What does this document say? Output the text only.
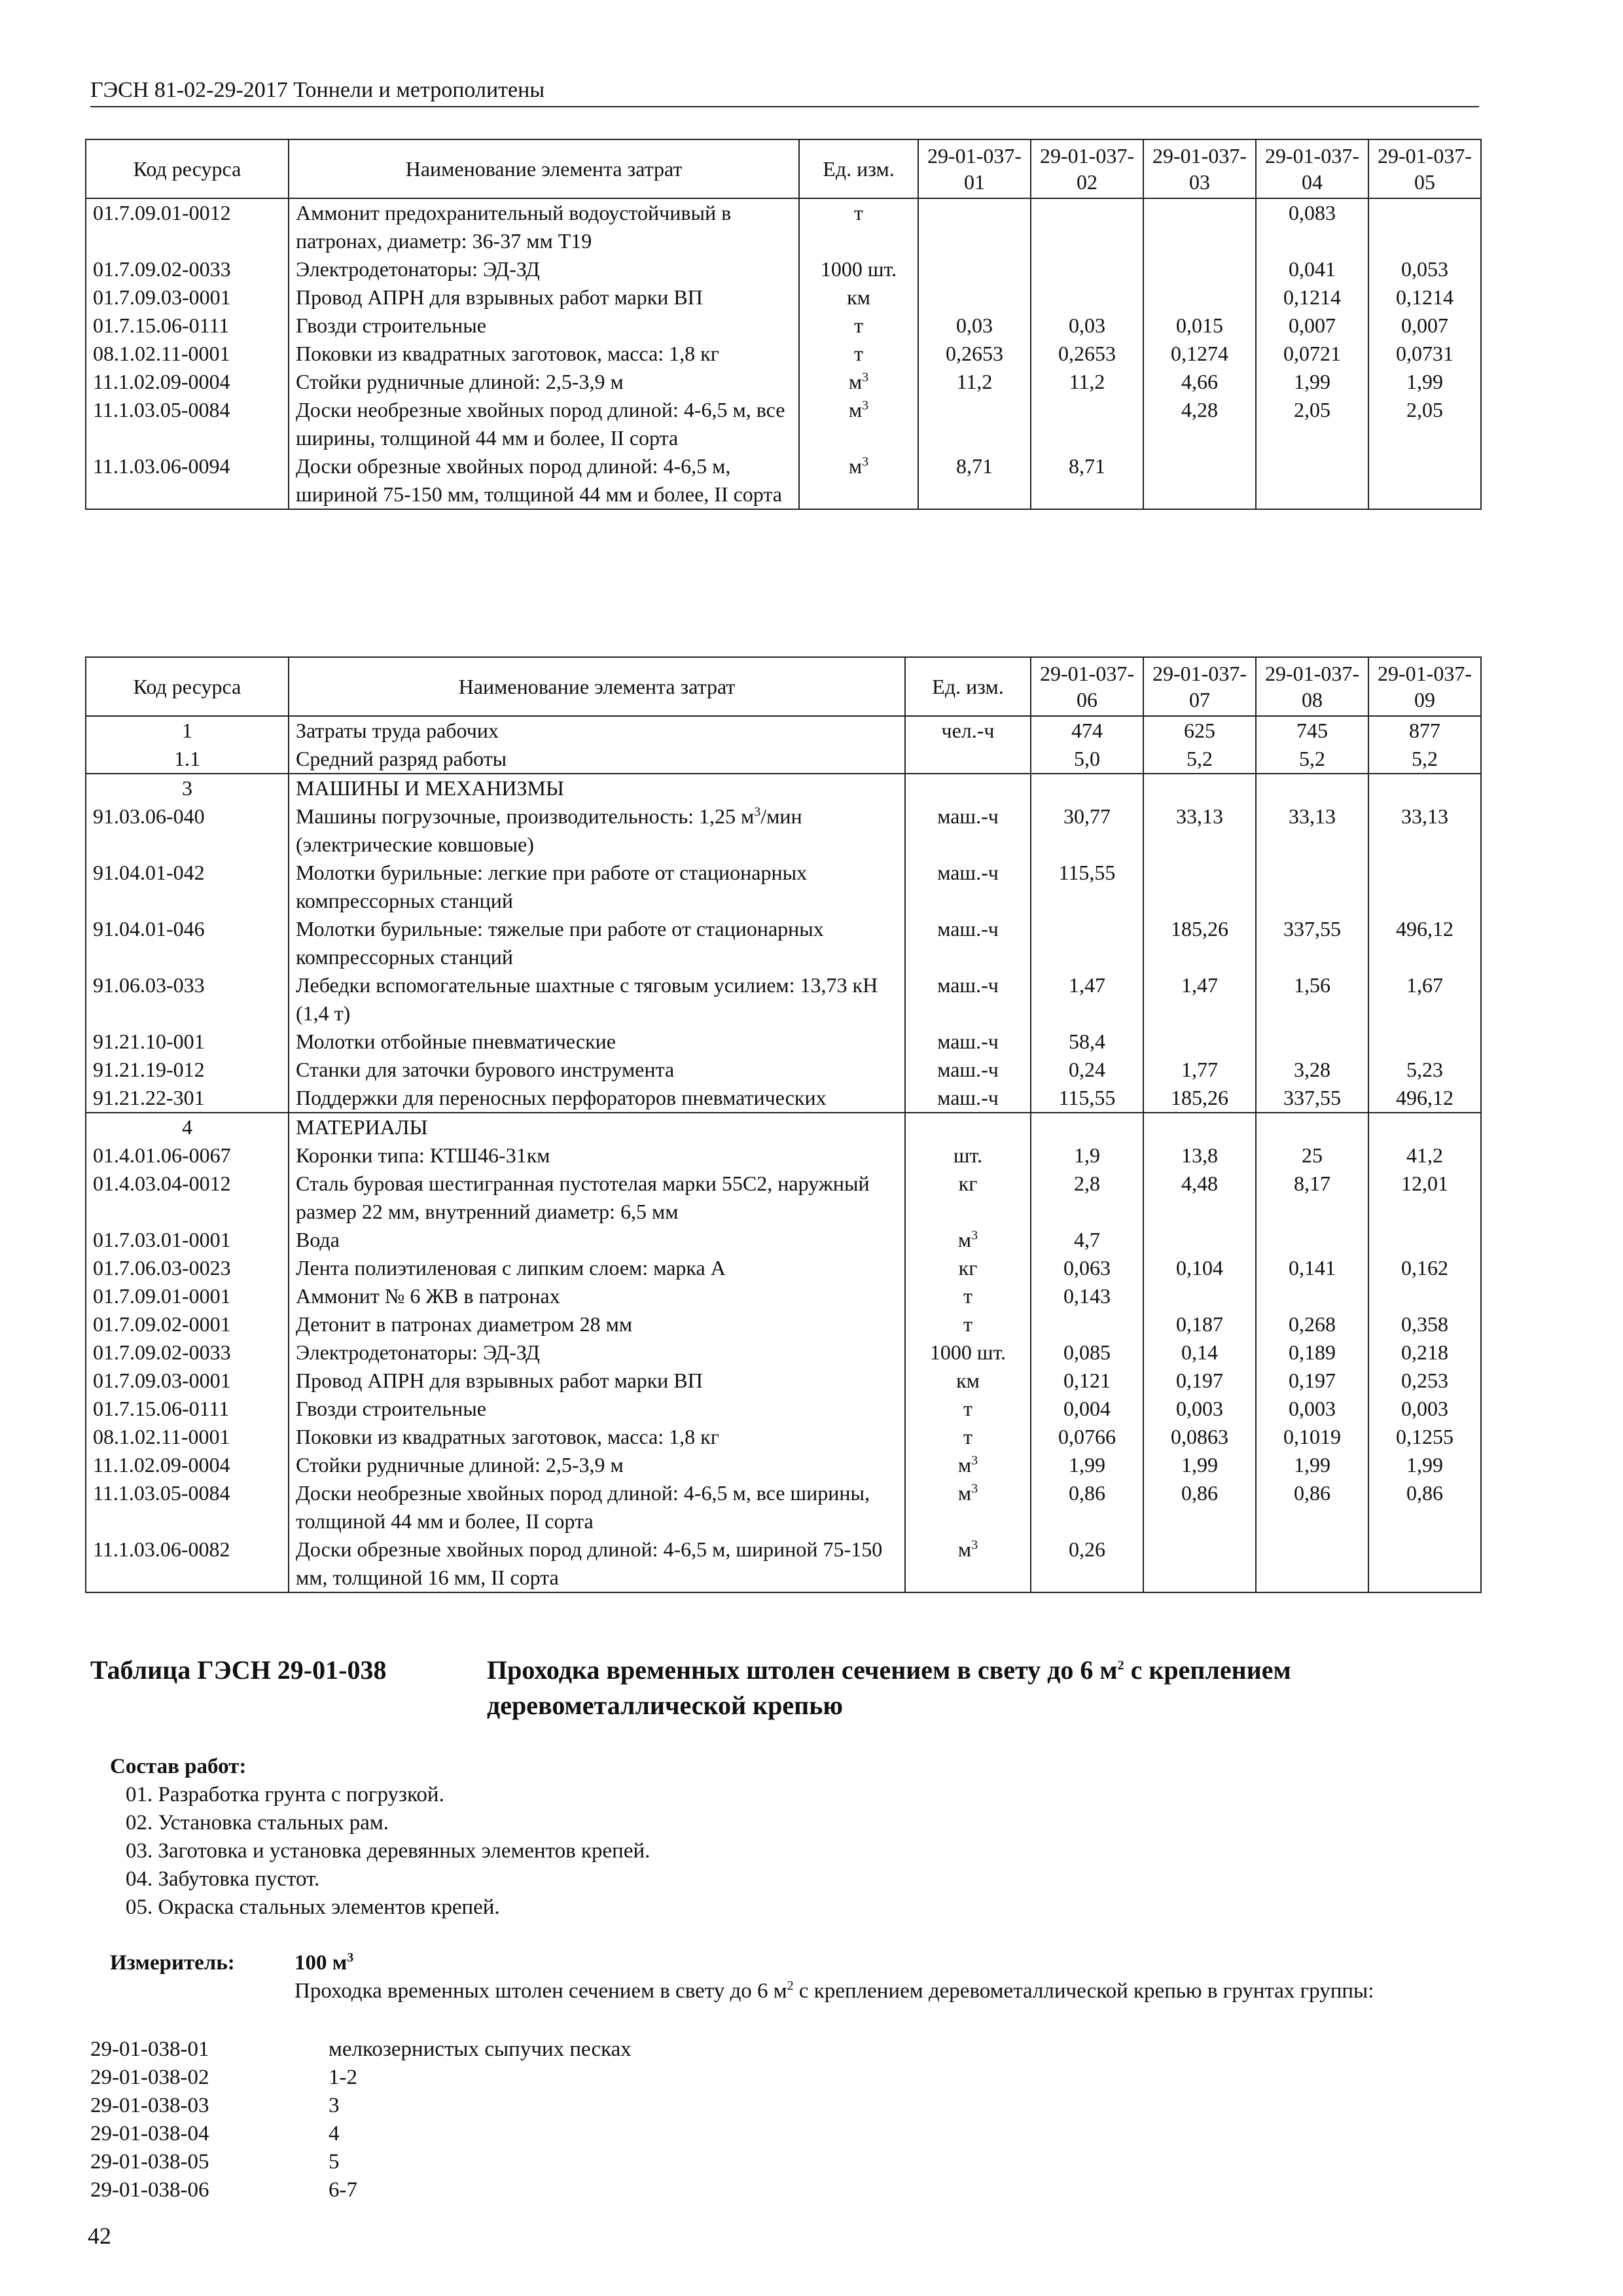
ГЭСН 81-02-29-2017 Тоннели и метрополитены
Код ресурса	Наименование элемента затрат	Ед. изм.	29-01-037-01	29-01-037-02	29-01-037-03	29-01-037-04	29-01-037-05
01.7.09.01-0012	Аммонит предохранительный водоустойчивый в патронах, диаметр: 36-37 мм Т19	т				0,083	
01.7.09.02-0033	Электродетонаторы: ЭД-ЗД	1000 шт.				0,041	0,053
01.7.09.03-0001	Провод АПРН для взрывных работ марки ВП	км				0,1214	0,1214
01.7.15.06-0111	Гвозди строительные	т	0,03	0,03	0,015	0,007	0,007
08.1.02.11-0001	Поковки из квадратных заготовок, масса: 1,8 кг	т	0,2653	0,2653	0,1274	0,0721	0,0731
11.1.02.09-0004	Стойки рудничные длиной: 2,5-3,9 м	$м^3$	11,2	11,2	4,66	1,99	1,99
11.1.03.05-0084	Доски необрезные хвойных пород длиной: 4-6,5 м, все ширины, толщиной 44 мм и более, II сорта	$м^3$			4,28	2,05	2,05
11.1.03.06-0094	Доски обрезные хвойных пород длиной: 4-6,5 м, шириной 75-150 мм, толщиной 44 мм и более, II сорта	$м^3$	8,71	8,71			
Код ресурса	Наименование элемента затрат	Ед. изм.	29-01-037-06	29-01-037-07	29-01-037-08	29-01-037-09
1	Затраты труда рабочих	чел.-ч	474	625	745	877
1.1	Средний разряд работы		5,0	5,2	5,2	5,2
3	МАШИНЫ И МЕХАНИЗМЫ					
91.03.06-040	Машины погрузочные, производительность: 1,25 $м^3$/мин (электрические ковшовые)	маш.-ч	30,77	33,13	33,13	33,13
91.04.01-042	Молотки бурильные: легкие при работе от стационарных компрессорных станций	маш.-ч	115,55			
91.04.01-046	Молотки бурильные: тяжелые при работе от стационарных компрессорных станций	маш.-ч		185,26	337,55	496,12
91.06.03-033	Лебедки вспомогательные шахтные с тяговым усилием: 13,73 кН (1,4 т)	маш.-ч	1,47	1,47	1,56	1,67
91.21.10-001	Молотки отбойные пневматические	маш.-ч	58,4			
91.21.19-012	Станки для заточки бурового инструмента	маш.-ч	0,24	1,77	3,28	5,23
91.21.22-301	Поддержки для переносных перфораторов пневматических	маш.-ч	115,55	185,26	337,55	496,12
4	МАТЕРИАЛЫ					
01.4.01.06-0067	Коронки типа: КТШ46-31км	шт.	1,9	13,8	25	41,2
01.4.03.04-0012	Сталь буровая шестигранная пустотелая марки 55С2, наружный размер 22 мм, внутренний диаметр: 6,5 мм	кг	2,8	4,48	8,17	12,01
01.7.03.01-0001	Вода	$м^3$	4,7			
01.7.06.03-0023	Лента полиэтиленовая с липким слоем: марка А	кг	0,063	0,104	0,141	0,162
01.7.09.01-0001	Аммонит № 6 ЖВ в патронах	т	0,143			
01.7.09.02-0001	Детонит в патронах диаметром 28 мм	т		0,187	0,268	0,358
01.7.09.02-0033	Электродетонаторы: ЭД-ЗД	1000 шт.	0,085	0,14	0,189	0,218
01.7.09.03-0001	Провод АПРН для взрывных работ марки ВП	км	0,121	0,197	0,197	0,253
01.7.15.06-0111	Гвозди строительные	т	0,004	0,003	0,003	0,003
08.1.02.11-0001	Поковки из квадратных заготовок, масса: 1,8 кг	т	0,0766	0,0863	0,1019	0,1255
11.1.02.09-0004	Стойки рудничные длиной: 2,5-3,9 м	$м^3$	1,99	1,99	1,99	1,99
11.1.03.05-0084	Доски необрезные хвойных пород длиной: 4-6,5 м, все ширины, толщиной 44 мм и более, II сорта	$м^3$	0,86	0,86	0,86	0,86
11.1.03.06-0082	Доски обрезные хвойных пород длиной: 4-6,5 м, шириной 75-150 мм, толщиной 16 мм, II сорта	$м^3$	0,26			
Таблица ГЭСН 29-01-038	Проходка временных штолен сечением в свету до 6 $м^2$ с креплением деревометаллической крепью
Состав работ:
01. Разработка грунта с погрузкой.
02. Установка стальных рам.
03. Заготовка и установка деревянных элементов крепей.
04. Забутовка пустот.
05. Окраска стальных элементов крепей.
Измеритель:	100 $м^3$
Проходка временных штолен сечением в свету до 6 $м^2$ с креплением деревометаллической крепью в грунтах группы:
29-01-038-01	мелкозернистых сыпучих песках
29-01-038-02	1-2
29-01-038-03	3
29-01-038-04	4
29-01-038-05	5
29-01-038-06	6-7
42
